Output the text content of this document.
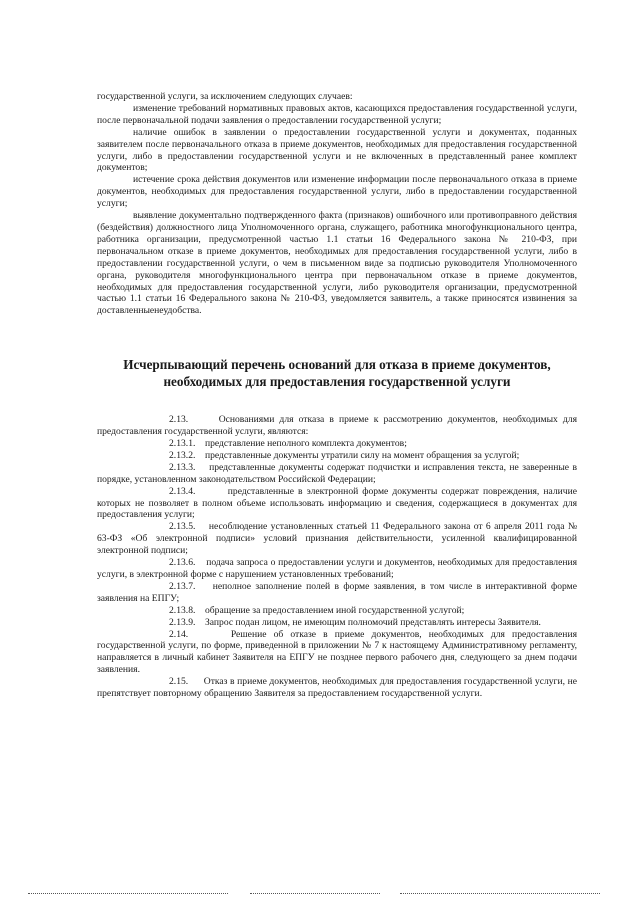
государственной услуги, за исключением следующих случаев:

изменение требований нормативных правовых актов, касающихся предоставления государственной услуги, после первоначальной подачи заявления о предоставлении государственной услуги;

наличие ошибок в заявлении о предоставлении государственной услуги и документах, поданных заявителем после первоначального отказа в приеме документов, необходимых для предоставления государственной услуги, либо в предоставлении государственной услуги и не включенных в представленный ранее комплект документов;

истечение срока действия документов или изменение информации после первоначального отказа в приеме документов, необходимых для предоставления государственной услуги, либо в предоставлении государственной услуги;

выявление документально подтвержденного факта (признаков) ошибочного или противоправного действия (бездействия) должностного лица Уполномоченного органа, служащего, работника многофункционального центра, работника организации, предусмотренной частью 1.1 статьи 16 Федерального закона № 210-ФЗ, при первоначальном отказе в приеме документов, необходимых для предоставления государственной услуги, либо в предоставлении государственной услуги, о чем в письменном виде за подписью руководителя Уполномоченного органа, руководителя многофункционального центра при первоначальном отказе в приеме документов, необходимых для предоставления государственной услуги, либо руководителя организации, предусмотренной частью 1.1 статьи 16 Федерального закона № 210-ФЗ, уведомляется заявитель, а также приносятся извинения за доставленныенеудобства.

Исчерпывающий перечень оснований для отказа в приеме документов, необходимых для предоставления государственной услуги

2.13.	Основаниями для отказа в приеме к рассмотрению документов, необходимых для предоставления государственной услуги, являются:

2.13.1. представление неполного комплекта документов;

2.13.2. представленные документы утратили силу на момент обращения за услугой;

2.13.3. представленные документы содержат подчистки и исправления текста, не заверенные в порядке, установленном законодательством Российской Федерации;

2.13.4.	представленные в электронной форме документы содержат повреждения, наличие которых не позволяет в полном объеме использовать информацию и сведения, содержащиеся в документах для предоставления услуги;

2.13.5. несоблюдение установленных статьей 11 Федерального закона от 6 апреля 2011 года № 63-ФЗ «Об электронной подписи» условий признания действительности, усиленной квалифицированной электронной подписи;

2.13.6. подача запроса о предоставлении услуги и документов, необходимых для предоставления услуги, в электронной форме с нарушением установленных требований;

2.13.7. неполное заполнение полей в форме заявления, в том числе в интерактивной форме заявления на ЕПГУ;

2.13.8. обращение за предоставлением иной государственной услугой;

2.13.9. Запрос подан лицом, не имеющим полномочий представлять интересы Заявителя.

2.14.	Решение об отказе в приеме документов, необходимых для предоставления государственной услуги, по форме, приведенной в приложении № 7 к настоящему Административному регламенту, направляется в личный кабинет Заявителя на ЕПГУ не позднее первого рабочего дня, следующего за днем подачи заявления.

2.15. Отказ в приеме документов, необходимых для предоставления государственной услуги, не препятствует повторному обращению Заявителя за предоставлением государственной услуги.
